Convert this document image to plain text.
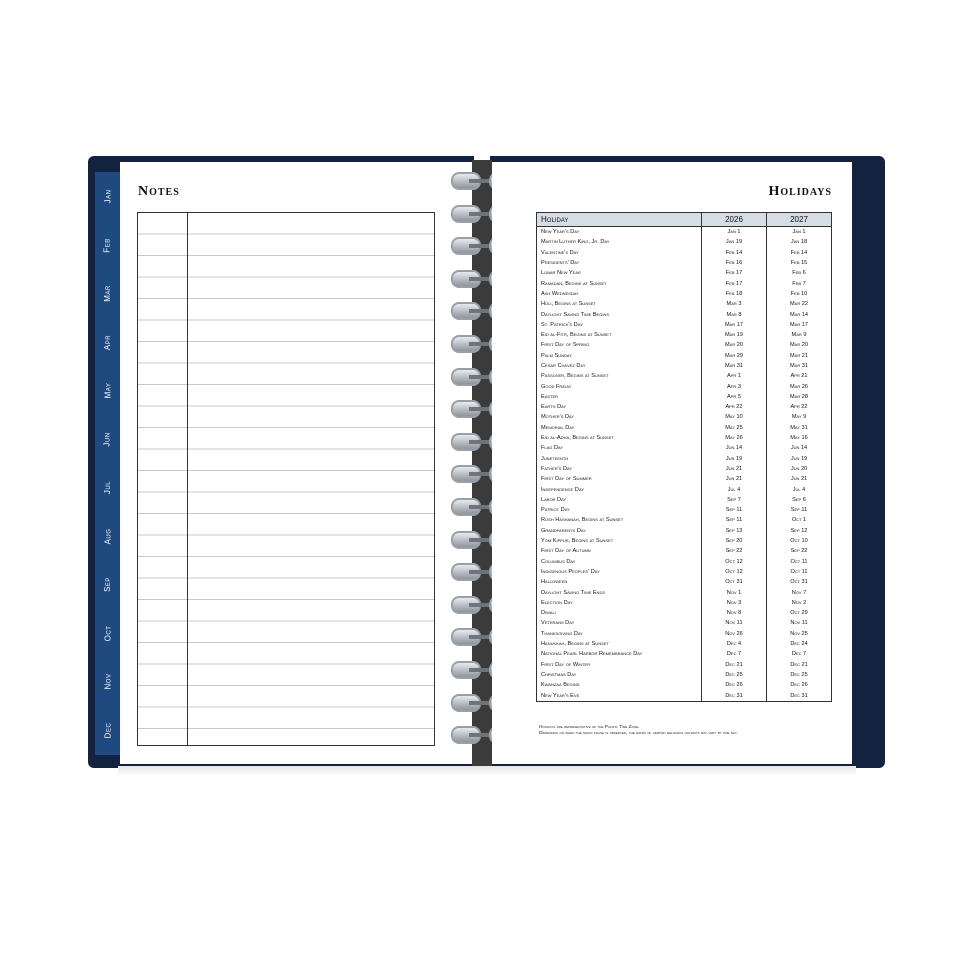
Jan
Feb
Mar
Apr
May
Jun
Jul
Aug
Sep
Oct
Nov
Dec
Notes	Holidays
Holiday	2026	2027
New Year's Day	Jan 1	Jan 1
Martin Luther King, Jr. Day	Jan 19	Jan 18
Valentine's Day	Feb 14	Feb 14
Presidents' Day	Feb 16	Feb 15
Lunar New Year	Feb 17	Feb 6
Ramadan, Begins at Sunset	Feb 17	Feb 7
Ash Wednesday	Feb 18	Feb 10
Holi, Begins at Sunset	Mar 3	Mar 22
Daylight Saving Time Begins	Mar 8	Mar 14
St. Patrick's Day	Mar 17	Mar 17
Eid al-Fitr, Begins at Sunset	Mar 19	Mar 9
First Day of Spring	Mar 20	Mar 20
Palm Sunday	Mar 29	Mar 21
César Chávez Day	Mar 31	Mar 31
Passover, Begins at Sunset	Apr 1	Apr 21
Good Friday	Apr 3	Mar 26
Easter	Apr 5	Mar 28
Earth Day	Apr 22	Apr 22
Mother's Day	May 10	May 9
Memorial Day	May 25	May 31
Eid al-Adha, Begins at Sunset	May 26	May 16
Flag Day	Jun 14	Jun 14
Juneteenth	Jun 19	Jun 19
Father's Day	Jun 21	Jun 20
First Day of Summer	Jun 21	Jun 21
Independence Day	Jul 4	Jul 4
Labor Day	Sep 7	Sep 6
Patriot Day	Sep 11	Sep 11
Rosh Hashanah, Begins at Sunset	Sep 11	Oct 1
Grandparents Day	Sep 13	Sep 12
Yom Kippur, Begins at Sunset	Sep 20	Oct 10
First Day of Autumn	Sep 22	Sep 22
Columbus Day	Oct 12	Oct 11
Indigenous Peoples' Day	Oct 12	Oct 11
Halloween	Oct 31	Oct 31
Daylight Saving Time Ends	Nov 1	Nov 7
Election Day	Nov 3	Nov 2
Diwali	Nov 8	Oct 29
Veterans Day	Nov 11	Nov 11
Thanksgiving Day	Nov 26	Nov 25
Hanukkah, Begins at Sunset	Dec 4	Dec 24
National Pearl Harbor Remembrance Day	Dec 7	Dec 7
First Day of Winter	Dec 21	Dec 21
Christmas Day	Dec 25	Dec 25
Kwanzaa Begins	Dec 26	Dec 26
New Year's Eve	Dec 31	Dec 31
Holidays are representative of the Pacific Time Zone.
Depending on when the moon phase is observed, the dates of certain religious holidays may vary by one day.
